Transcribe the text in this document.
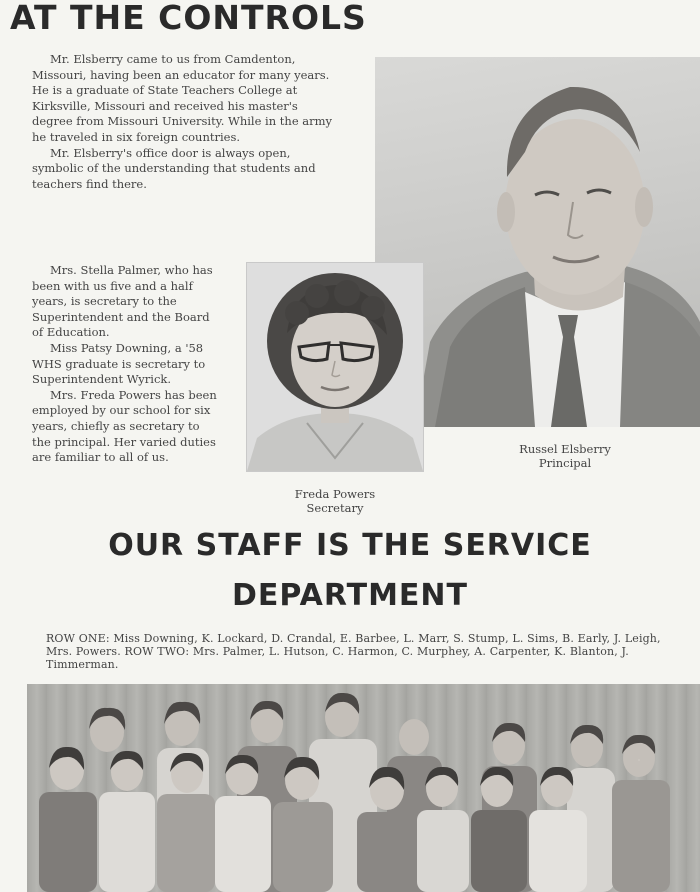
AT THE CONTROLS

Mr. Elsberry came to us from Camdenton, Missouri, having been an educator for many years. He is a graduate of State Teachers College at Kirksville, Missouri and received his master's degree from Missouri University. While in the army he traveled in six foreign countries.

Mr. Elsberry's office door is always open, symbolic of the understanding that students and teachers find there.

Mrs. Stella Palmer, who has been with us five and a half years, is secretary to the Superintendent and the Board of Education.

Miss Patsy Downing, a '58 WHS graduate is secretary to Superintendent Wyrick.

Mrs. Freda Powers has been employed by our school for six years, chiefly as secretary to the principal. Her varied duties are familiar to all of us.

Russel Elsberry
Principal
Freda Powers
Secretary
OUR STAFF IS THE SERVICE
DEPARTMENT

ROW ONE: Miss Downing, K. Lockard, D. Crandal, E. Barbee, L. Marr, S. Stump, L. Sims, B. Early, J. Leigh, Mrs. Powers. ROW TWO: Mrs. Palmer, L. Hutson, C. Harmon, C. Murphey, A. Carpenter, K. Blanton, J. Timmerman.
